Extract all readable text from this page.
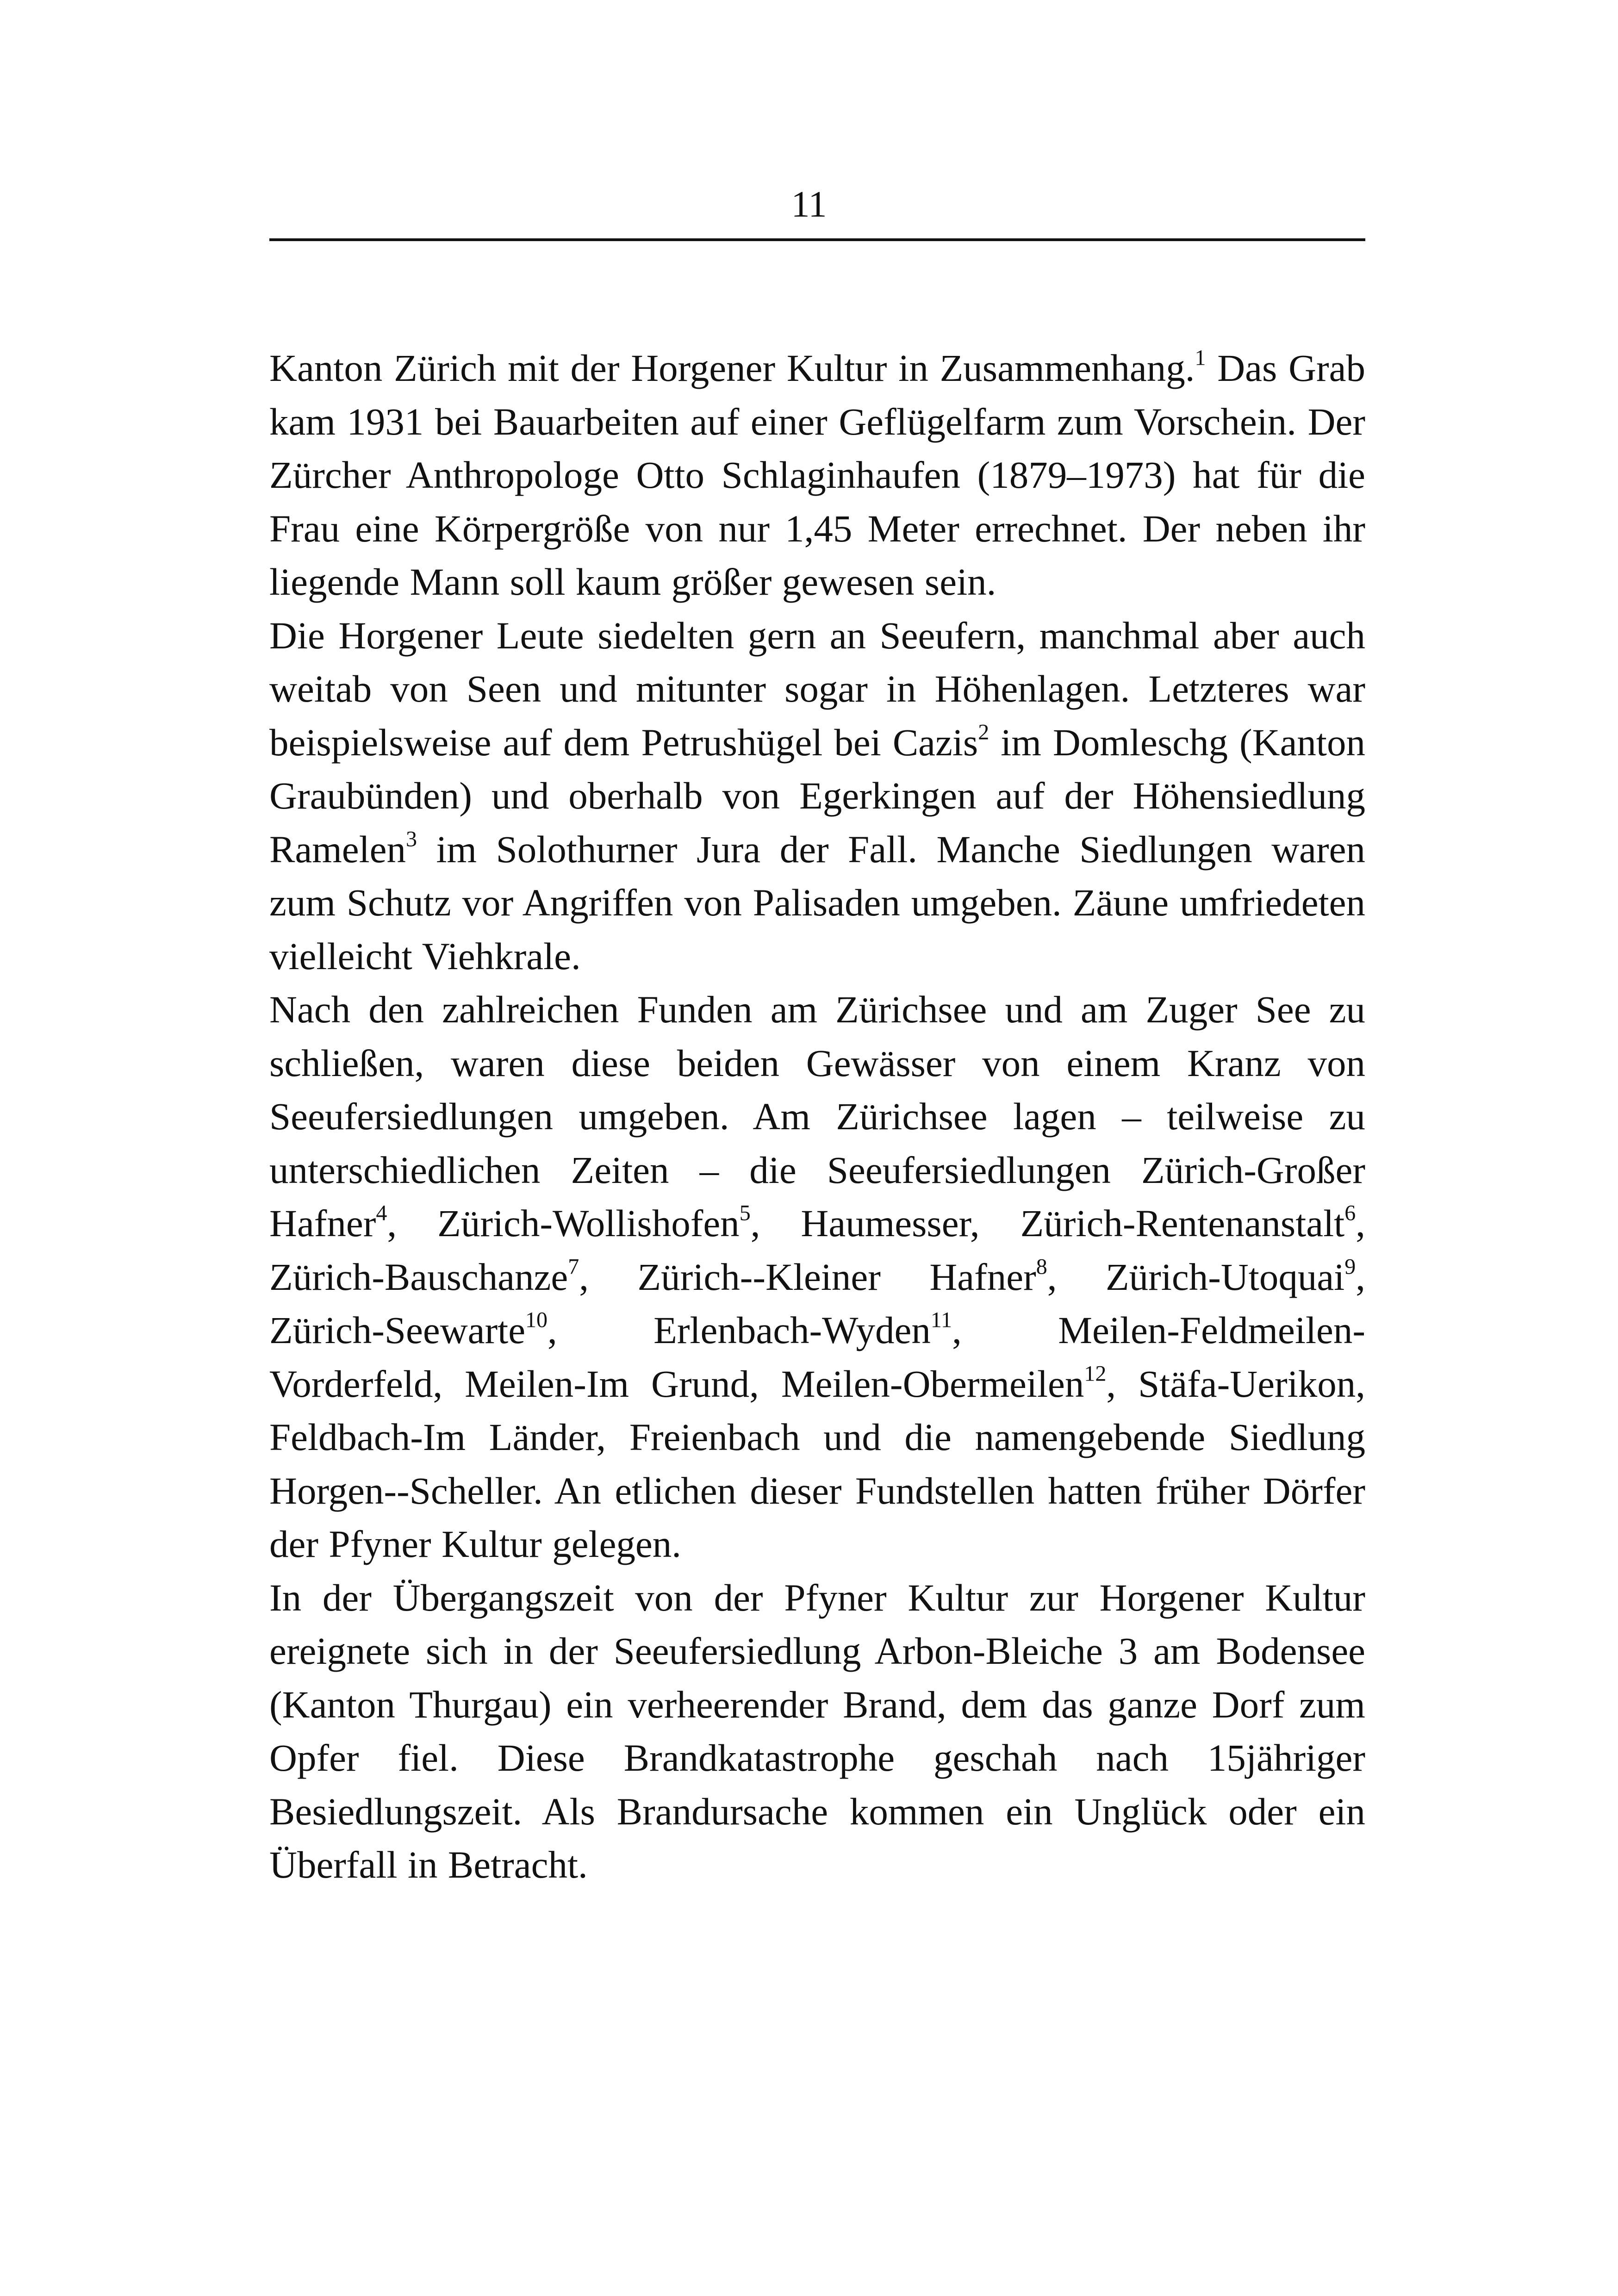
11

Kanton Zürich mit der Horgener Kultur in Zusammenhang.$^1$ Das Grab kam 1931 bei Bauarbeiten auf einer Geflügelfarm zum Vorschein. Der Zürcher Anthropologe Otto Schlaginhaufen (1879–1973) hat für die Frau eine Körpergröße von nur 1,45 Meter errechnet. Der neben ihr liegende Mann soll kaum größer gewesen sein.

Die Horgener Leute siedelten gern an Seeufern, manchmal aber auch weitab von Seen und mitunter sogar in Höhenlagen. Letzteres war beispielsweise auf dem Petrushügel bei Cazis$^2$ im Domleschg (Kanton Graubünden) und oberhalb von Egerkingen auf der Höhensiedlung Ramelen$^3$ im Solothurner Jura der Fall. Manche Siedlungen waren zum Schutz vor Angriffen von Palisaden umgeben. Zäune umfriedeten vielleicht Viehkrale.

Nach den zahlreichen Funden am Zürichsee und am Zuger See zu schließen, waren diese beiden Gewässer von einem Kranz von Seeufersiedlungen umgeben. Am Zürichsee lagen – teilweise zu unterschiedlichen Zeiten – die Seeufersiedlungen Zürich-Großer Hafner$^4$, Zürich-Wollishofen$^5$, Haumesser, Zürich-Rentenanstalt$^6$, Zürich-Bauschanze$^7$, Zürich--Kleiner Hafner$^8$, Zürich-Utoquai$^9$, Zürich-Seewarte$^{10}$, Erlenbach-Wyden$^{11}$, Meilen-Feldmeilen-Vorderfeld, Meilen-Im Grund, Meilen-Obermeilen$^{12}$, Stäfa-Uerikon, Feldbach-Im Länder, Freienbach und die namengebende Siedlung Horgen--Scheller. An etlichen dieser Fundstellen hatten früher Dörfer der Pfyner Kultur gelegen.

In der Übergangszeit von der Pfyner Kultur zur Horgener Kultur ereignete sich in der Seeufersiedlung Arbon-Bleiche 3 am Bodensee (Kanton Thurgau) ein verheerender Brand, dem das ganze Dorf zum Opfer fiel. Diese Brandkatastrophe geschah nach 15jähriger Besiedlungszeit. Als Brandursache kommen ein Unglück oder ein Überfall in Betracht.
